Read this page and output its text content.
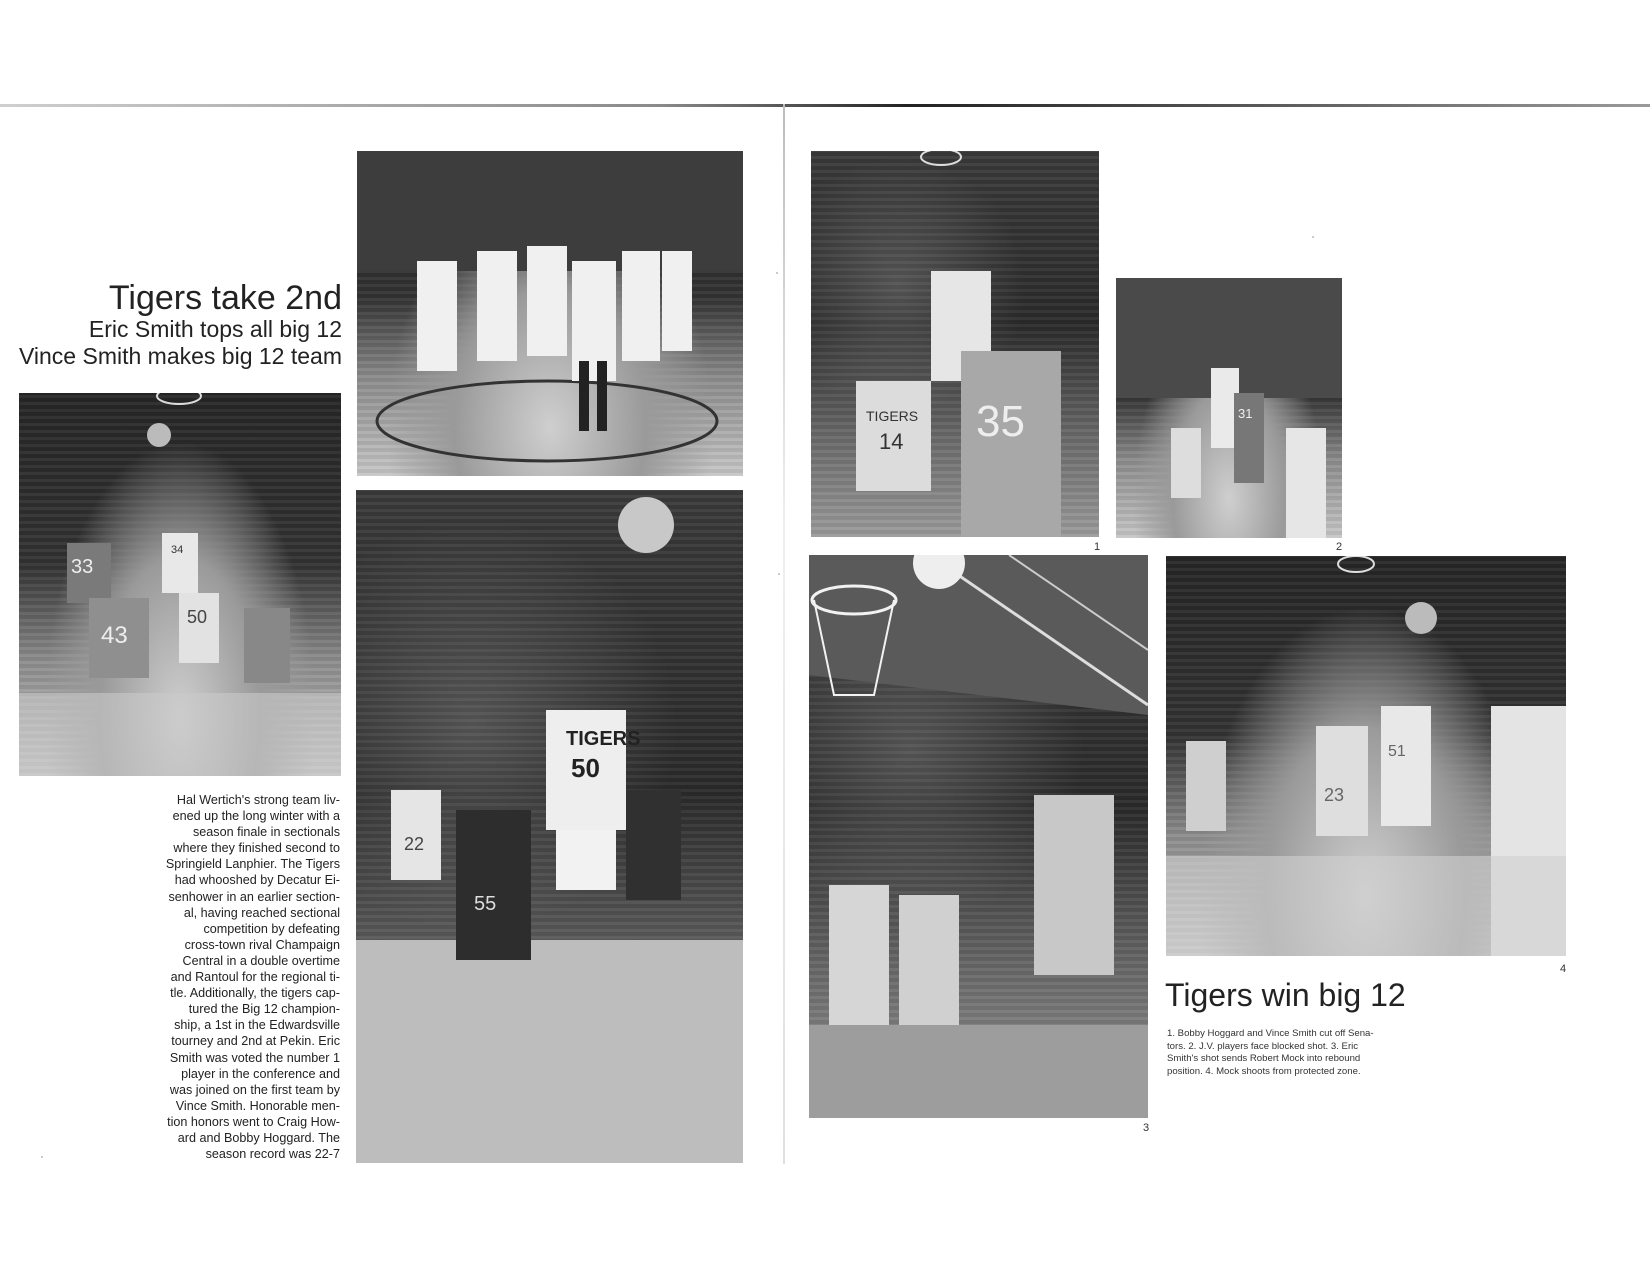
Tigers take 2nd
Eric Smith tops all big 12
Vince Smith makes big 12 team
34
33
43
50
TIGERS
50
22
55
Hal Wertich's strong team liv-
ened up the long winter with a
season finale in sectionals
where they finished second to
Springield Lanphier. The Tigers
had whooshed by Decatur Ei-
senhower in an earlier section-
al, having reached sectional
competition by defeating
cross-town rival Champaign
Central in a double overtime
and Rantoul for the regional ti-
tle. Additionally, the tigers cap-
tured the Big 12 champion-
ship, a 1st in the Edwardsville
tourney and 2nd at Pekin. Eric
Smith was voted the number 1
player in the conference and
was joined on the first team by
Vince Smith. Honorable men-
tion honors went to Craig How-
ard and Bobby Hoggard. The
season record was 22-7
TIGERS
14 35
1
31
2
3
23
51
4
Tigers win big 12
1. Bobby Hoggard and Vince Smith cut off Sena-
tors. 2. J.V. players face blocked shot. 3. Eric
Smith's shot sends Robert Mock into rebound
position. 4. Mock shoots from protected zone.
